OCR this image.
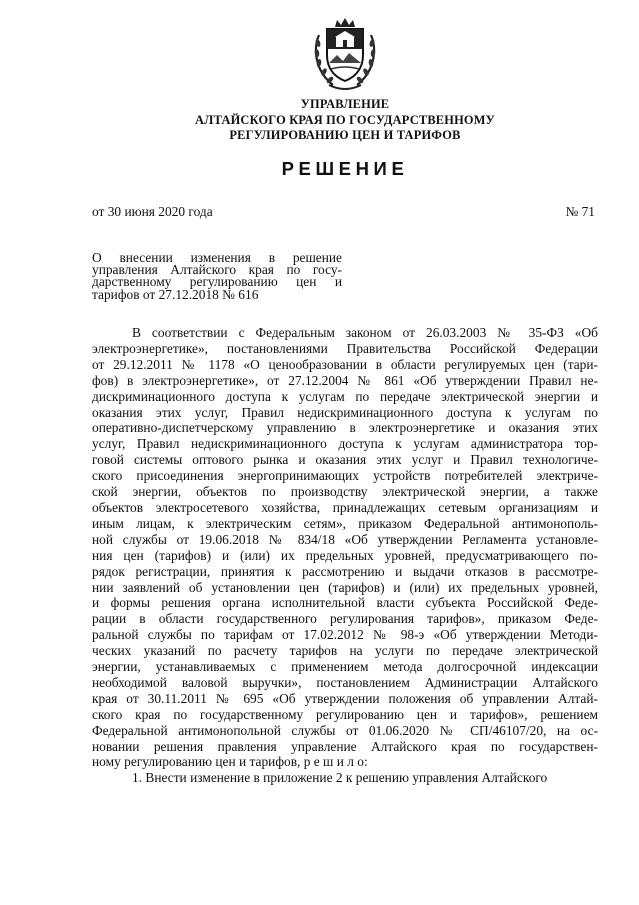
УПРАВЛЕНИЕ
АЛТАЙСКОГО КРАЯ ПО ГОСУДАРСТВЕННОМУ
РЕГУЛИРОВАНИЮ ЦЕН И ТАРИФОВ
РЕШЕНИЕ
от 30 июня 2020 года	№ 71
О внесении изменения в решение
управления Алтайского края по госу-
дарственному регулированию цен и
тарифов от 27.12.2018 № 616
В соответствии с Федеральным законом от 26.03.2003 № 35-ФЗ «Об
электроэнергетике», постановлениями Правительства Российской Федерации
от 29.12.2011 № 1178 «О ценообразовании в области регулируемых цен (тари-
фов) в электроэнергетике», от 27.12.2004 № 861 «Об утверждении Правил не-
дискриминационного доступа к услугам по передаче электрической энергии и
оказания этих услуг, Правил недискриминационного доступа к услугам по
оперативно-диспетчерскому управлению в электроэнергетике и оказания этих
услуг, Правил недискриминационного доступа к услугам администратора тор-
говой системы оптового рынка и оказания этих услуг и Правил технологиче-
ского присоединения энергопринимающих устройств потребителей электриче-
ской энергии, объектов по производству электрической энергии, а также
объектов электросетевого хозяйства, принадлежащих сетевым организациям и
иным лицам, к электрическим сетям», приказом Федеральной антимонополь-
ной службы от 19.06.2018 № 834/18 «Об утверждении Регламента установле-
ния цен (тарифов) и (или) их предельных уровней, предусматривающего по-
рядок регистрации, принятия к рассмотрению и выдачи отказов в рассмотре-
нии заявлений об установлении цен (тарифов) и (или) их предельных уровней,
и формы решения органа исполнительной власти субъекта Российской Феде-
рации в области государственного регулирования тарифов», приказом Феде-
ральной службы по тарифам от 17.02.2012 № 98-э «Об утверждении Методи-
ческих указаний по расчету тарифов на услуги по передаче электрической
энергии, устанавливаемых с применением метода долгосрочной индексации
необходимой валовой выручки», постановлением Администрации Алтайского
края от 30.11.2011 № 695 «Об утверждении положения об управлении Алтай-
ского края по государственному регулированию цен и тарифов», решением
Федеральной антимонопольной службы от 01.06.2020 № СП/46107/20, на ос-
новании решения правления управление Алтайского края по государствен-
ному регулированию цен и тарифов, р е ш и л о:
1. Внести изменение в приложение 2 к решению управления Алтайского
